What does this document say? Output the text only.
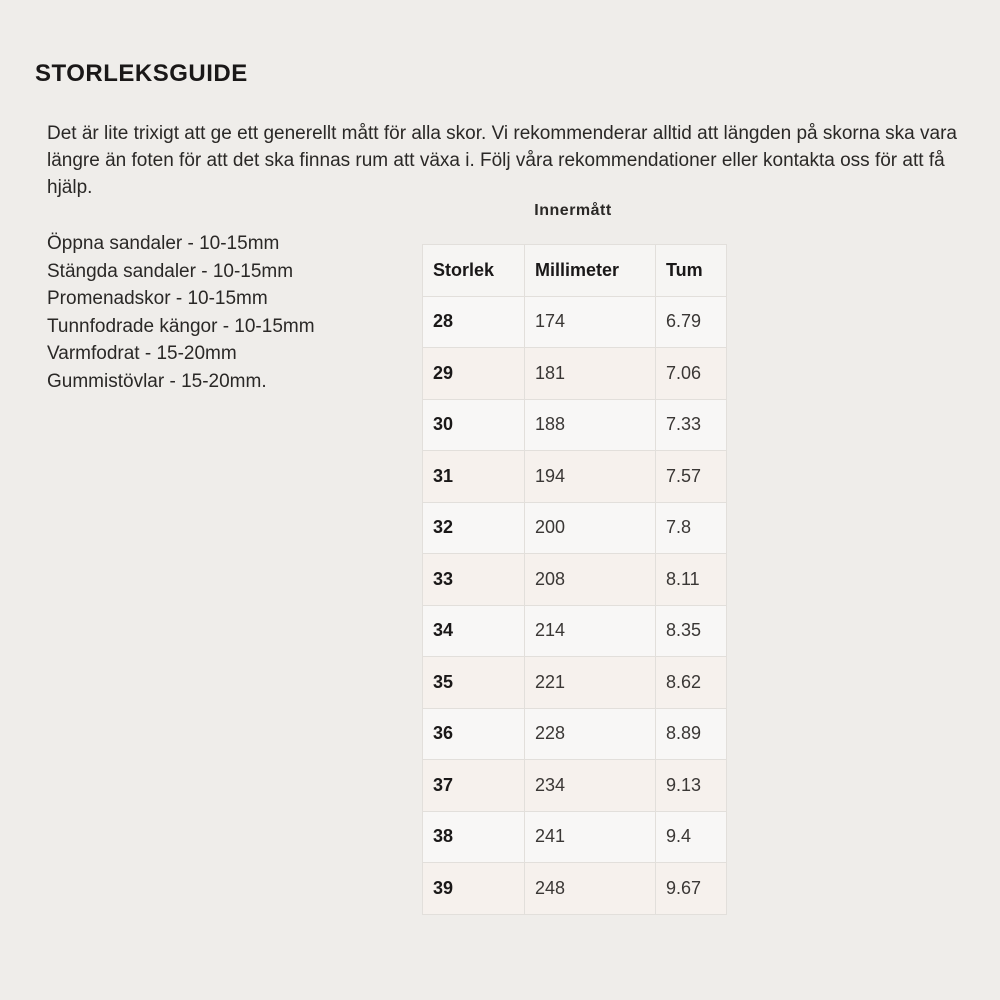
STORLEKSGUIDE

Det är lite trixigt att ge ett generellt mått för alla skor. Vi rekommenderar alltid att längden på skorna ska vara längre än foten för att det ska finnas rum att växa i. Följ våra rekommendationer eller kontakta oss för att få hjälp.

Öppna sandaler - 10-15mm
Stängda sandaler - 10-15mm
Promenadskor - 10-15mm
Tunnfodrade kängor - 10-15mm
Varmfodrat - 15-20mm
Gummistövlar - 15-20mm.
Innermått
Storlek	Millimeter	Tum
28	174	6.79
29	181	7.06
30	188	7.33
31	194	7.57
32	200	7.8
33	208	8.11
34	214	8.35
35	221	8.62
36	228	8.89
37	234	9.13
38	241	9.4
39	248	9.67
